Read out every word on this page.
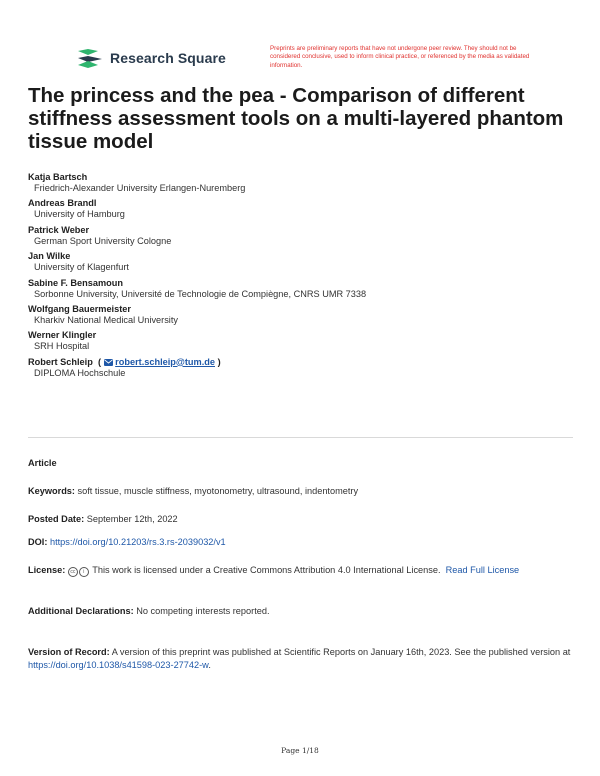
Research Square
Preprints are preliminary reports that have not undergone peer review. They should not be considered conclusive, used to inform clinical practice, or referenced by the media as validated information.
The princess and the pea - Comparison of different stiffness assessment tools on a multi-layered phantom tissue model
Katja Bartsch
Friedrich-Alexander University Erlangen-Nuremberg
Andreas Brandl
University of Hamburg
Patrick Weber
German Sport University Cologne
Jan Wilke
University of Klagenfurt
Sabine F. Bensamoun
Sorbonne University, Université de Technologie de Compiègne, CNRS UMR 7338
Wolfgang Bauermeister
Kharkiv National Medical University
Werner Klingler
SRH Hospital
Robert Schleip  ( robert.schleip@tum.de )
DIPLOMA Hochschule
Article
Keywords: soft tissue, muscle stiffness, myotonometry, ultrasound, indentometry
Posted Date: September 12th, 2022
DOI: https://doi.org/10.21203/rs.3.rs-2039032/v1
License: cc i This work is licensed under a Creative Commons Attribution 4.0 International License. Read Full License
Additional Declarations: No competing interests reported.
Version of Record: A version of this preprint was published at Scientific Reports on January 16th, 2023. See the published version at https://doi.org/10.1038/s41598-023-27742-w.
Page 1/18
